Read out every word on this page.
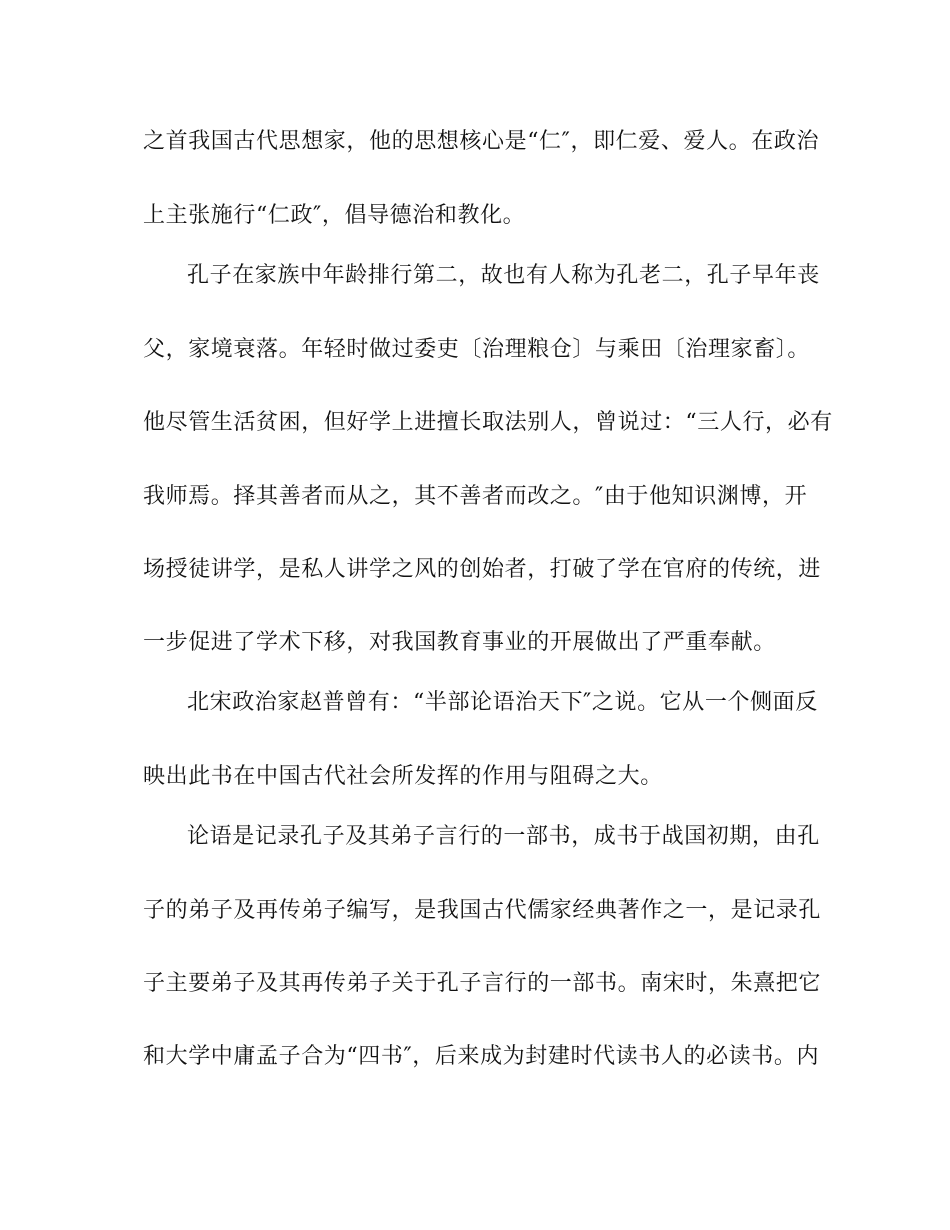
之首我国古代思想家，他的思想核心是“仁″，即仁爱、爱人。在政治
上主张施行“仁政″，倡导德治和教化。
孔子在家族中年龄排行第二，故也有人称为孔老二，孔子早年丧
父，家境衰落。年轻时做过委吏〔治理粮仓〕与乘田〔治理家畜〕。
他尽管生活贫困，但好学上进擅长取法别人，曾说过：“三人行，必有
我师焉。择其善者而从之，其不善者而改之。″由于他知识渊博，开
场授徒讲学，是私人讲学之风的创始者，打破了学在官府的传统，进
一步促进了学术下移，对我国教育事业的开展做出了严重奉献。
北宋政治家赵普曾有：“半部论语治天下″之说。它从一个侧面反
映出此书在中国古代社会所发挥的作用与阻碍之大。
论语是记录孔子及其弟子言行的一部书，成书于战国初期，由孔
子的弟子及再传弟子编写，是我国古代儒家经典著作之一，是记录孔
子主要弟子及其再传弟子关于孔子言行的一部书。南宋时，朱熹把它
和大学中庸孟子合为“四书″，后来成为封建时代读书人的必读书。内
